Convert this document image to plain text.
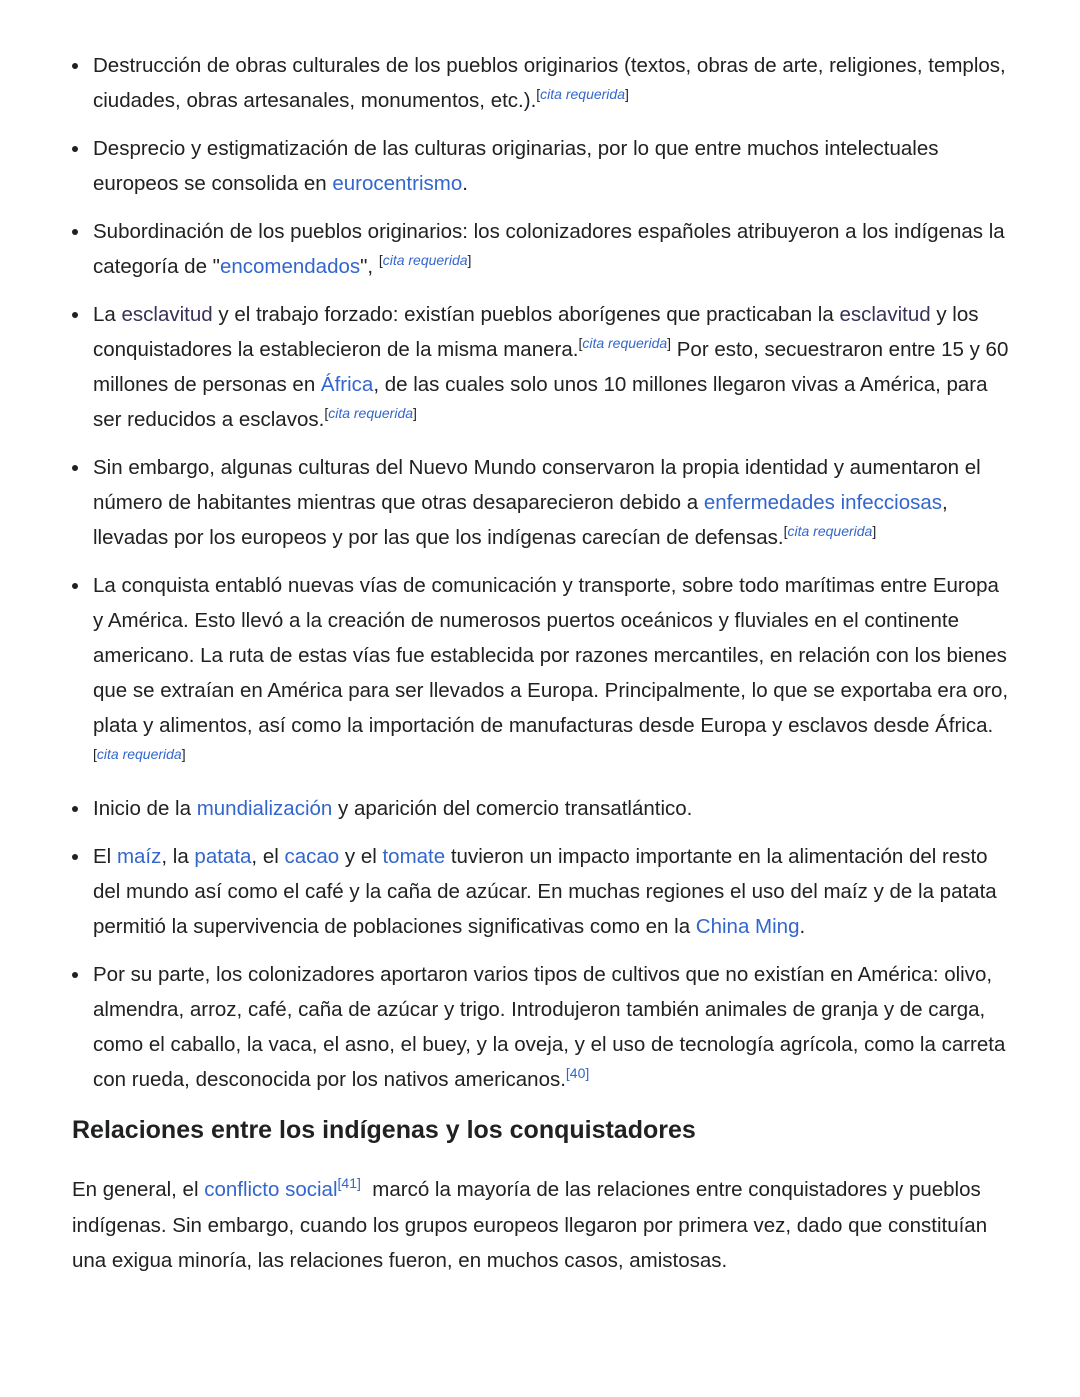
Destrucción de obras culturales de los pueblos originarios (textos, obras de arte, religiones, templos, ciudades, obras artesanales, monumentos, etc.).[cita requerida]
Desprecio y estigmatización de las culturas originarias, por lo que entre muchos intelectuales europeos se consolida en eurocentrismo.
Subordinación de los pueblos originarios: los colonizadores españoles atribuyeron a los indígenas la categoría de "encomendados", [cita requerida]
La esclavitud y el trabajo forzado: existían pueblos aborígenes que practicaban la esclavitud y los conquistadores la establecieron de la misma manera.[cita requerida] Por esto, secuestraron entre 15 y 60 millones de personas en África, de las cuales solo unos 10 millones llegaron vivas a América, para ser reducidos a esclavos.[cita requerida]
Sin embargo, algunas culturas del Nuevo Mundo conservaron la propia identidad y aumentaron el número de habitantes mientras que otras desaparecieron debido a enfermedades infecciosas, llevadas por los europeos y por las que los indígenas carecían de defensas.[cita requerida]
La conquista entabló nuevas vías de comunicación y transporte, sobre todo marítimas entre Europa y América. Esto llevó a la creación de numerosos puertos oceánicos y fluviales en el continente americano. La ruta de estas vías fue establecida por razones mercantiles, en relación con los bienes que se extraían en América para ser llevados a Europa. Principalmente, lo que se exportaba era oro, plata y alimentos, así como la importación de manufacturas desde Europa y esclavos desde África.[cita requerida]
Inicio de la mundialización y aparición del comercio transatlántico.
El maíz, la patata, el cacao y el tomate tuvieron un impacto importante en la alimentación del resto del mundo así como el café y la caña de azúcar. En muchas regiones el uso del maíz y de la patata permitió la supervivencia de poblaciones significativas como en la China Ming.
Por su parte, los colonizadores aportaron varios tipos de cultivos que no existían en América: olivo, almendra, arroz, café, caña de azúcar y trigo. Introdujeron también animales de granja y de carga, como el caballo, la vaca, el asno, el buey, y la oveja, y el uso de tecnología agrícola, como la carreta con rueda, desconocida por los nativos americanos.[40]
Relaciones entre los indígenas y los conquistadores

En general, el conflicto social[41]  marcó la mayoría de las relaciones entre conquistadores y pueblos indígenas. Sin embargo, cuando los grupos europeos llegaron por primera vez, dado que constituían una exigua minoría, las relaciones fueron, en muchos casos, amistosas.
